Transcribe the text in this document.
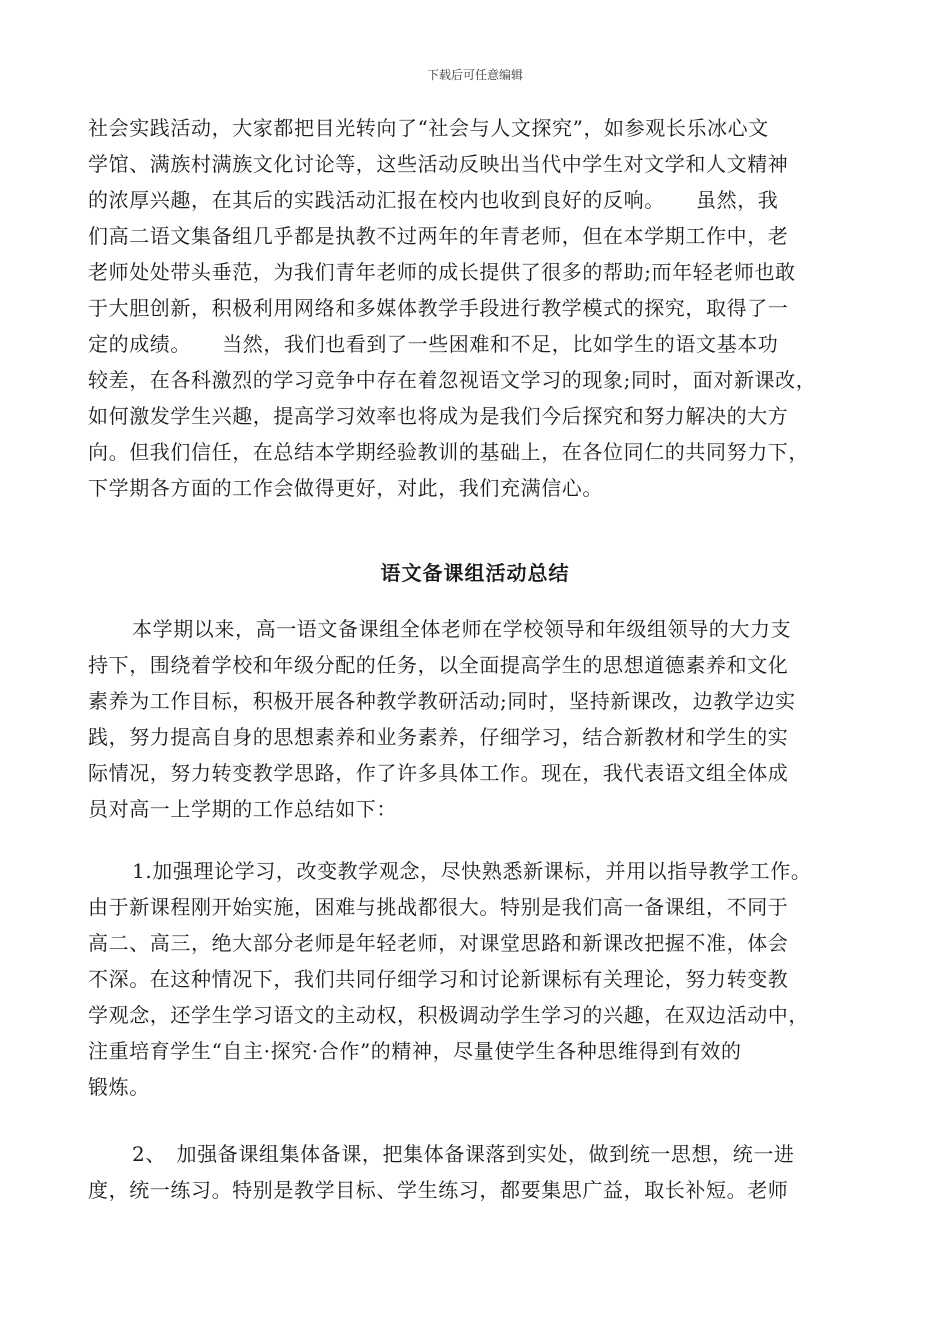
下载后可任意编辑
社会实践活动，大家都把目光转向了“社会与人文探究”，如参观长乐冰心文
学馆、满族村满族文化讨论等，这些活动反映出当代中学生对文学和人文精神
的浓厚兴趣，在其后的实践活动汇报在校内也收到良好的反响。　　虽然，我
们高二语文集备组几乎都是执教不过两年的年青老师，但在本学期工作中，老
老师处处带头垂范，为我们青年老师的成长提供了很多的帮助;而年轻老师也敢
于大胆创新，积极利用网络和多媒体教学手段进行教学模式的探究，取得了一
定的成绩。　　当然，我们也看到了一些困难和不足，比如学生的语文基本功
较差，在各科激烈的学习竞争中存在着忽视语文学习的现象;同时，面对新课改，
如何激发学生兴趣，提高学习效率也将成为是我们今后探究和努力解决的大方
向。但我们信任，在总结本学期经验教训的基础上，在各位同仁的共同努力下，
下学期各方面的工作会做得更好，对此，我们充满信心。
语文备课组活动总结
本学期以来，高一语文备课组全体老师在学校领导和年级组领导的大力支
持下，围绕着学校和年级分配的任务，以全面提高学生的思想道德素养和文化
素养为工作目标，积极开展各种教学教研活动;同时，坚持新课改，边教学边实
践，努力提高自身的思想素养和业务素养，仔细学习，结合新教材和学生的实
际情况，努力转变教学思路，作了许多具体工作。现在，我代表语文组全体成
员对高一上学期的工作总结如下：
1.加强理论学习，改变教学观念，尽快熟悉新课标，并用以指导教学工作。
由于新课程刚开始实施，困难与挑战都很大。特别是我们高一备课组，不同于
高二、高三，绝大部分老师是年轻老师，对课堂思路和新课改把握不准，体会
不深。在这种情况下，我们共同仔细学习和讨论新课标有关理论，努力转变教
学观念，还学生学习语文的主动权，积极调动学生学习的兴趣，在双边活动中，
注重培育学生“自主·探究·合作”的精神，尽量使学生各种思维得到有效的
锻炼。
2、　加强备课组集体备课，把集体备课落到实处，做到统一思想，统一进
度，统一练习。特别是教学目标、学生练习，都要集思广益，取长补短。老师
